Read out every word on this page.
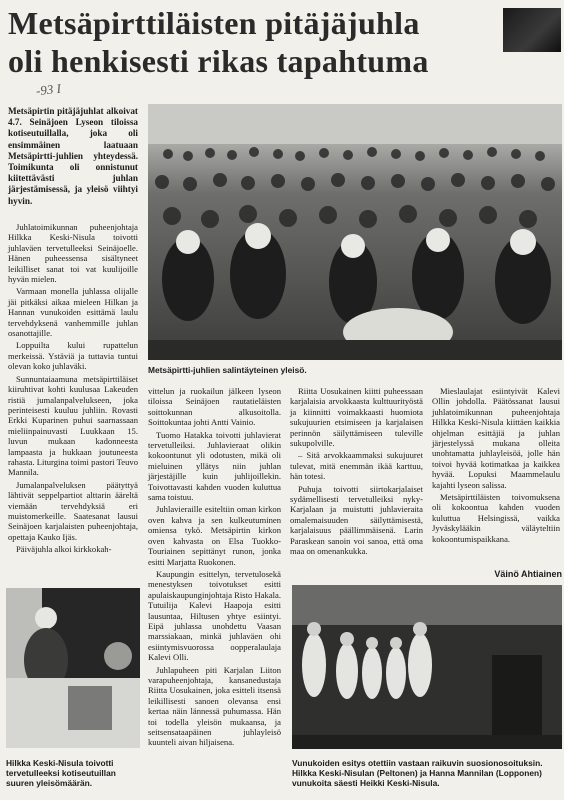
Metsäpirttiläisten pitäjäjuhla
oli henkisesti rikas tapahtuma
-93 I

Metsäpirtin pitäjäjuhlat alkoivat 4.7. Seinäjoen Lyseon tiloissa kotiseutuillalla, joka oli ensimmäinen laatuaan Metsäpirtti-juhlien yhteydessä. Toimikunta oli onnistunut kiitettävästi juhlan järjestämisessä, ja yleisö viihtyi hyvin.

Juhlatoimikunnan puheenjohtaja Hilkka Keski-Nisula toivotti juhlaväen tervetulleeksi Seinäjoelle. Hänen puheessensa sisältyneet leikilliset sanat toi vat kuulijoille hyvän mielen.

Varmaan monella juhlassa olijalle jäi pitkäksi aikaa mieleen Hilkan ja Hannan vunukoiden esittämä laulu tervehdyksenä vanhemmille juhlan osanottajille.

Loppuilta kului rupattelun merkeissä. Ystäviä ja tuttavia tuntui olevan koko juhlaväki.

Sunnuntaiaamuna metsäpirttiläiset kiiruhtivat kohti kuulusaa Lakeuden ristiä jumalanpalvelukseen, joka perinteisesti kuuluu juhliin. Rovasti Erkki Kuparinen puhui saarnassaan mieliinpainuvasti Luukkaan 15. luvun mukaan kadonneesta lampaasta ja hukkaan joutuneesta rahasta. Liturgina toimi pastori Teuvo Mannila.

Jumalanpalveluksen päätyttyä lähtivät seppelpartiot alttarin ääreltä viemään tervehdyksiä eri muistomerkeille. Saatesanat lausui Seinäjoen karjalaisten puheenjohtaja, opettaja Kauko Ijäs.

Päiväjuhla alkoi kirkkokah-

Metsäpirtti-juhlien salintäyteinen yleisö.

vittelun ja ruokailun jälkeen lyseon tiloissa Seinäjoen rautatieläisten soittokunnan alkusoitolla. Soittokuntaa johti Antti Vainio.

Tuomo Hatakka toivotti juhlavierat tervetulleiksi. Juhlavieraat olikin kokoontunut yli odotusten, mikä oli mieluinen yllätys niin juhlan järjestäjille kuin juhlijoillekin. Toivottavasti kahden vuoden kuluttua sama toistuu.

Juhlavieraille esiteltiin oman kirkon oven kahva ja sen kulkeutuminen omiensa tykö. Metsäpirtin kirkon oven kahvasta on Elsa Tuokko-Touriainen sepittänyt runon, jonka esitti Marjatta Ruokonen.

Kaupungin esittelyn, tervetulosekä menestyksen toivotukset esitti apulaiskaupunginjohtaja Risto Hakala. Tutuilija Kalevi Haapoja esitti lausuntaa, Hiltusen yhtye esiintyi. Eipä juhlassa unohdettu Vaasan marssiakaan, minkä juhlaväen ohi esiintymisvuorossa oopperalaulaja Kalevi Olli.

Juhlapuheen piti Karjalan Liiton varapuheenjohtaja, kansanedustaja Riitta Uosukainen, joka esitteli itsensä leikillisesti sanoen olevansa ensi kertaa näin lännessä puhumassa. Hän toi todella yleisön mukaansa, ja seitsensataapäinen juhlayleisö kuunteli aivan hiljaisena.

Riitta Uosukainen kiitti puheessaan karjalaisia arvokkaasta kulttuurityöstä ja kiinnitti voimakkaasti huomiota sukujuurien etsimiseen ja karjalaisen perinnön säilyttämiseen tuleville sukupolville.

– Sitä arvokkaammaksi sukujuuret tulevat, mitä enemmän ikää karttuu, hän totesi.

Puhuja toivotti siirtokarjalaiset sydämellisesti tervetulleiksi nyky-Karjalaan ja muistutti juhlavieraita omalemaisuuden säilyttämisestä, karjalaisuus päällimmäisenä. Larin Paraskean sanoin voi sanoa, että oma maa on omenankukka.

Mieslaulajat esiintyivät Kalevi Ollin johdolla. Päätössanat lausui juhlatoimikunnan puheenjohtaja Hilkka Keski-Nisula kiittäen kaikkia ohjelman esittäjiä ja juhlan järjestelyssä mukana olleita unohtamatta juhlayleisöä, jolle hän toivoi hyvää kotimatkaa ja kaikkea hyvää. Lopuksi Maammelaulu kajahti lyseon salissa.

Metsäpirttiläisten toivomuksena oli kokoontua kahden vuoden kuluttua Helsingissä, vaikka Jyväskylääkin väläyteltiin kokoontumispaikkana.

Väinö Ahtiainen
Hilkka Keski-Nisula toivotti tervetulleeksi kotiseutuillan suuren yleisömäärän.
Vunukoiden esitys otettiin vastaan raikuvin suosionosoituksin. Hilkka Keski-Nisulan (Peltonen) ja Hanna Mannilan (Lopponen) vunukoita säesti Heikki Keski-Nisula.
